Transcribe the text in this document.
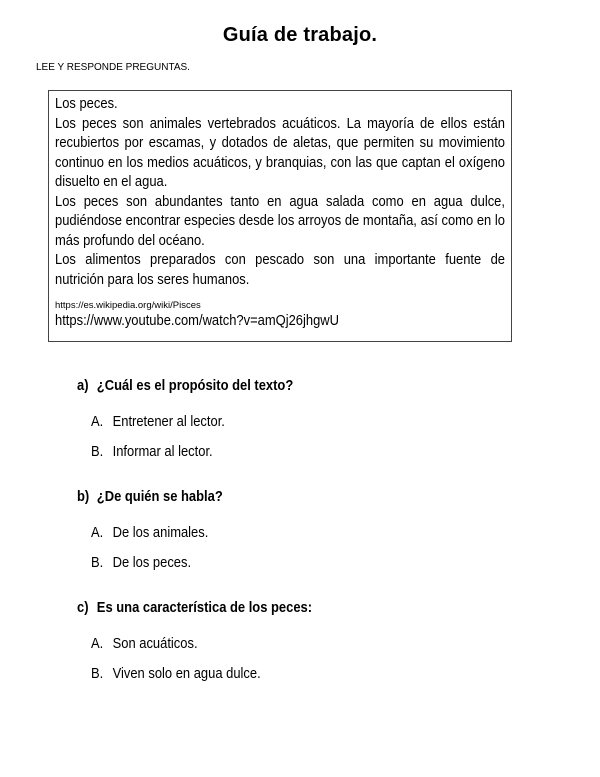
Guía de trabajo.
LEE Y RESPONDE PREGUNTAS.

Los peces.

Los peces son animales vertebrados acuáticos. La mayoría de ellos están recubiertos por escamas, y dotados de aletas, que permiten su movimiento continuo en los medios acuáticos, y branquias, con las que captan el oxígeno disuelto en el agua.

Los peces son abundantes tanto en agua salada como en agua dulce, pudiéndose encontrar especies desde los arroyos de montaña, así como en lo más profundo del océano.

Los alimentos preparados con pescado son una importante fuente de nutrición para los seres humanos.

https://es.wikipedia.org/wiki/Pisces

https://www.youtube.com/watch?v=amQj26jhgwU

a) ¿Cuál es el propósito del texto?
A. Entretener al lector.
B. Informar al lector.
b) ¿De quién se habla?
A. De los animales.
B. De los peces.
c) Es una característica de los peces:
A. Son acuáticos.
B. Viven solo en agua dulce.
